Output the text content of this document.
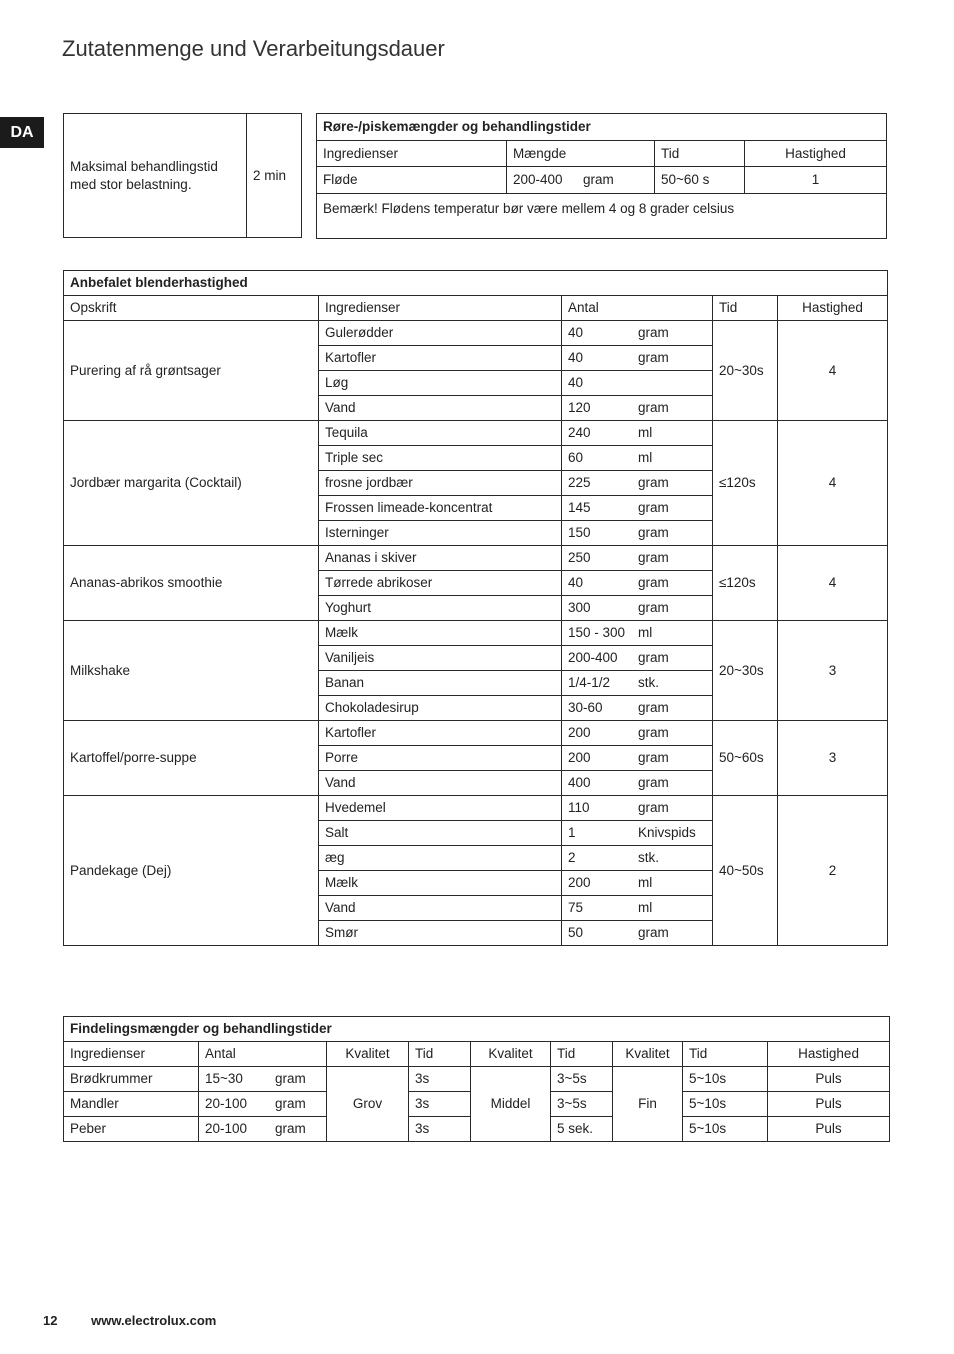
Zutatenmenge und Verarbeitungsdauer
DA
Maksimal behandlingstid med stor belastning.	2 min
Røre-/piskemængder og behandlingstider			
Ingredienser	Mængde	Tid	Hastighed
Fløde	200-400 gram	50~60 s	1
Bemærk! Flødens temperatur bør være mellem 4 og 8 grader celsius			
Anbefalet blenderhastighed				
Opskrift	Ingredienser	Antal	Tid	Hastighed
Purering af rå grøntsager	Gulerødder	40 gram	20~30s	4
	Kartofler	40 gram		
	Løg	40		
	Vand	120 gram		
Jordbær margarita (Cocktail)	Tequila	240 ml	≤120s	4
	Triple sec	60 ml		
	frosne jordbær	225 gram		
	Frossen limeade-koncentrat	145 gram		
	Isterninger	150 gram		
Ananas-abrikos smoothie	Ananas i skiver	250 gram	≤120s	4
	Tørrede abrikoser	40 gram		
	Yoghurt	300 gram		
Milkshake	Mælk	150 - 300 ml	20~30s	3
	Vaniljeis	200-400 gram		
	Banan	1/4-1/2 stk.		
	Chokoladesirup	30-60 gram		
Kartoffel/porre-suppe	Kartofler	200 gram	50~60s	3
	Porre	200 gram		
	Vand	400 gram		
Pandekage (Dej)	Hvedemel	110 gram	40~50s	2
	Salt	1 Knivspids		
	æg	2 stk.		
	Mælk	200 ml		
	Vand	75 ml		
	Smør	50 gram		
Findelingsmængder og behandlingstider								
Ingredienser	Antal	Kvalitet	Tid	Kvalitet	Tid	Kvalitet	Tid	Hastighed
Brødkrummer	15~30 gram	Grov	3s	Middel	3~5s	Fin	5~10s	Puls
Mandler	20-100 gram		3s		3~5s		5~10s	Puls
Peber	20-100 gram		3s		5 sek.		5~10s	Puls
12	www.electrolux.com
